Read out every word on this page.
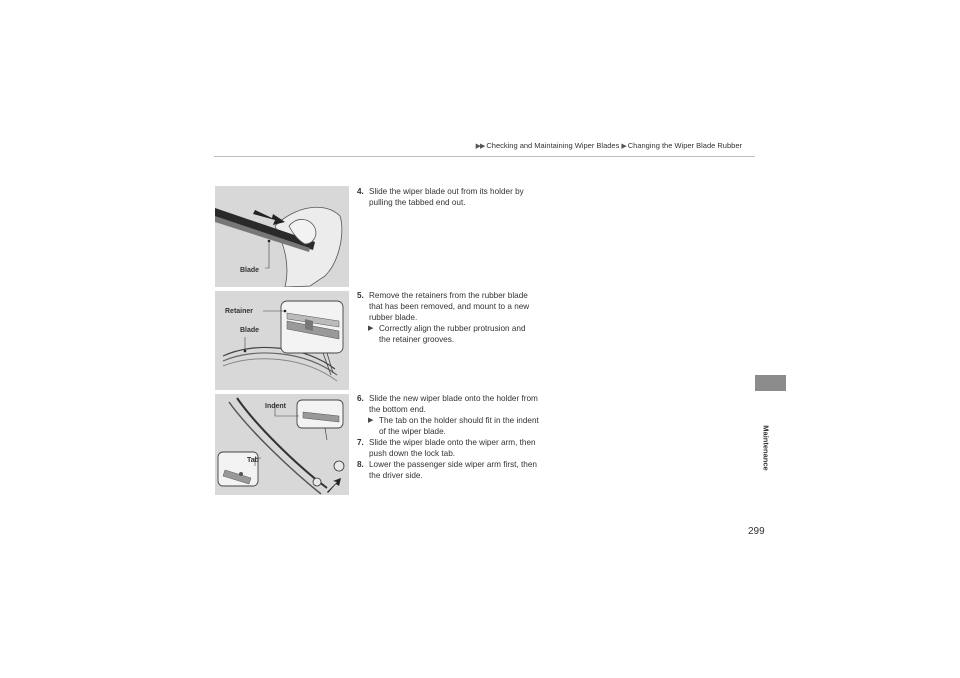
▶▶ Checking and Maintaining Wiper Blades ▶ Changing the Wiper Blade Rubber
Maintenance
Blade
Retainer
Blade
Indent
Tab

4. Slide the wiper blade out from its holder by pulling the tabbed end out.

5. Remove the retainers from the rubber blade that has been removed, and mount to a new rubber blade.

▶ Correctly align the rubber protrusion and the retainer grooves.

6. Slide the new wiper blade onto the holder from the bottom end.

▶ The tab on the holder should fit in the indent of the wiper blade.

7. Slide the wiper blade onto the wiper arm, then push down the lock tab.

8. Lower the passenger side wiper arm first, then the driver side.

299
